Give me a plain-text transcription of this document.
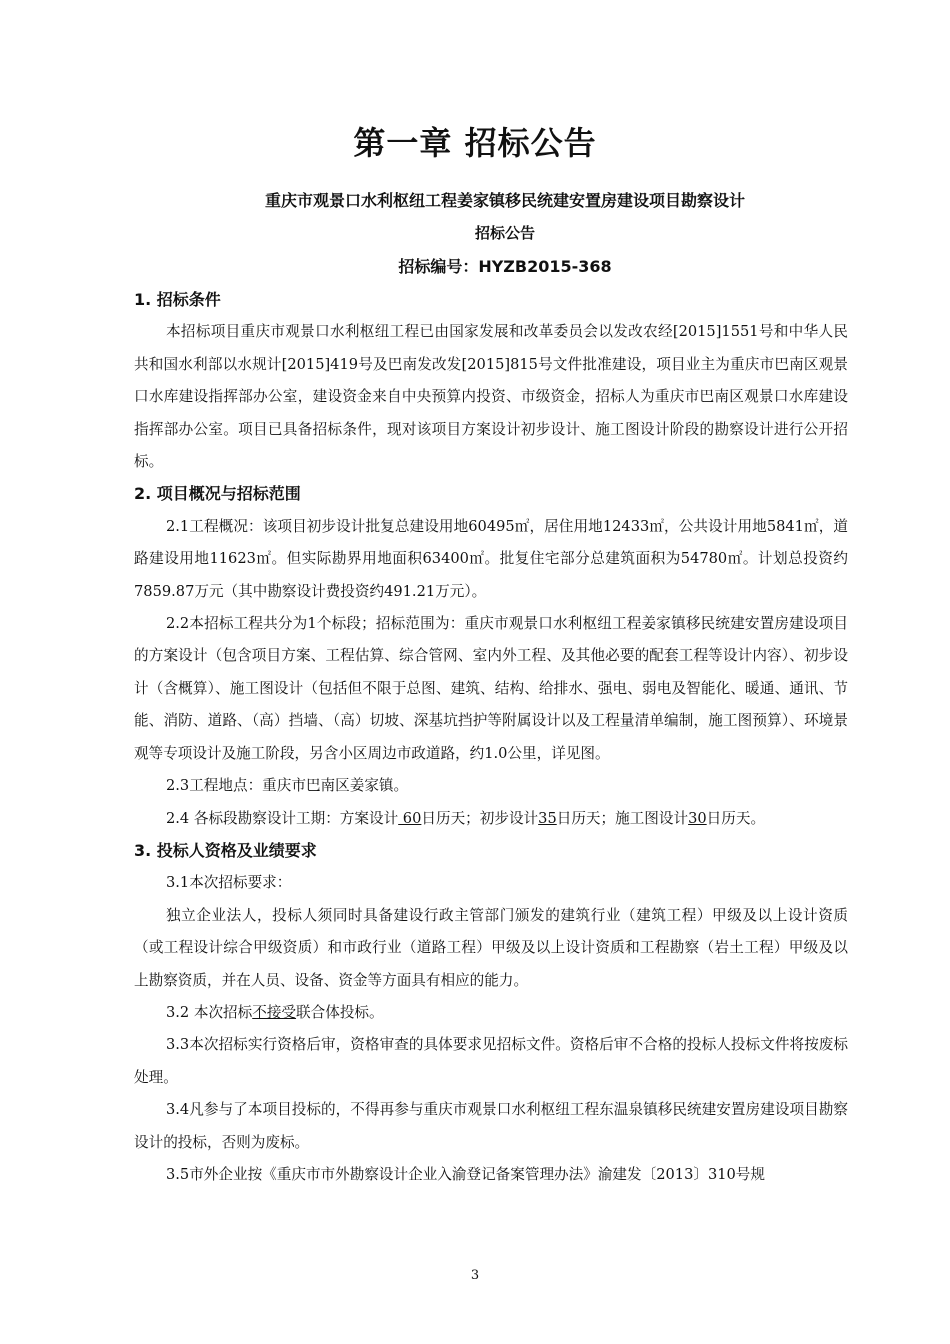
第一章 招标公告
重庆市观景口水利枢纽工程姜家镇移民统建安置房建设项目勘察设计
招标公告
招标编号：HYZB2015-368

1. 招标条件

本招标项目重庆市观景口水利枢纽工程已由国家发展和改革委员会以发改农经[2015]1551号和中华人民共和国水利部以水规计[2015]419号及巴南发改发[2015]815号文件批准建设，项目业主为重庆市巴南区观景口水库建设指挥部办公室，建设资金来自中央预算内投资、市级资金，招标人为重庆市巴南区观景口水库建设指挥部办公室。项目已具备招标条件，现对该项目方案设计初步设计、施工图设计阶段的勘察设计进行公开招标。

2. 项目概况与招标范围

2.1工程概况：该项目初步设计批复总建设用地60495㎡，居住用地12433㎡，公共设计用地5841㎡，道路建设用地11623㎡。但实际勘界用地面积63400㎡。批复住宅部分总建筑面积为54780㎡。计划总投资约7859.87万元（其中勘察设计费投资约491.21万元）。

2.2本招标工程共分为1个标段；招标范围为：重庆市观景口水利枢纽工程姜家镇移民统建安置房建设项目的方案设计（包含项目方案、工程估算、综合管网、室内外工程、及其他必要的配套工程等设计内容）、初步设计（含概算）、施工图设计（包括但不限于总图、建筑、结构、给排水、强电、弱电及智能化、暖通、通讯、节能、消防、道路、（高）挡墙、（高）切坡、深基坑挡护等附属设计以及工程量清单编制，施工图预算）、环境景观等专项设计及施工阶段，另含小区周边市政道路，约1.0公里，详见图。

2.3工程地点：重庆市巴南区姜家镇。

2.4 各标段勘察设计工期：方案设计 60日历天；初步设计35日历天；施工图设计30日历天。

3. 投标人资格及业绩要求

3.1本次招标要求：

独立企业法人，投标人须同时具备建设行政主管部门颁发的建筑行业（建筑工程）甲级及以上设计资质（或工程设计综合甲级资质）和市政行业（道路工程）甲级及以上设计资质和工程勘察（岩土工程）甲级及以上勘察资质，并在人员、设备、资金等方面具有相应的能力。

3.2 本次招标不接受联合体投标。

3.3本次招标实行资格后审，资格审查的具体要求见招标文件。资格后审不合格的投标人投标文件将按废标处理。

3.4凡参与了本项目投标的，不得再参与重庆市观景口水利枢纽工程东温泉镇移民统建安置房建设项目勘察设计的投标，否则为废标。

3.5市外企业按《重庆市市外勘察设计企业入渝登记备案管理办法》渝建发〔2013〕310号规

3
